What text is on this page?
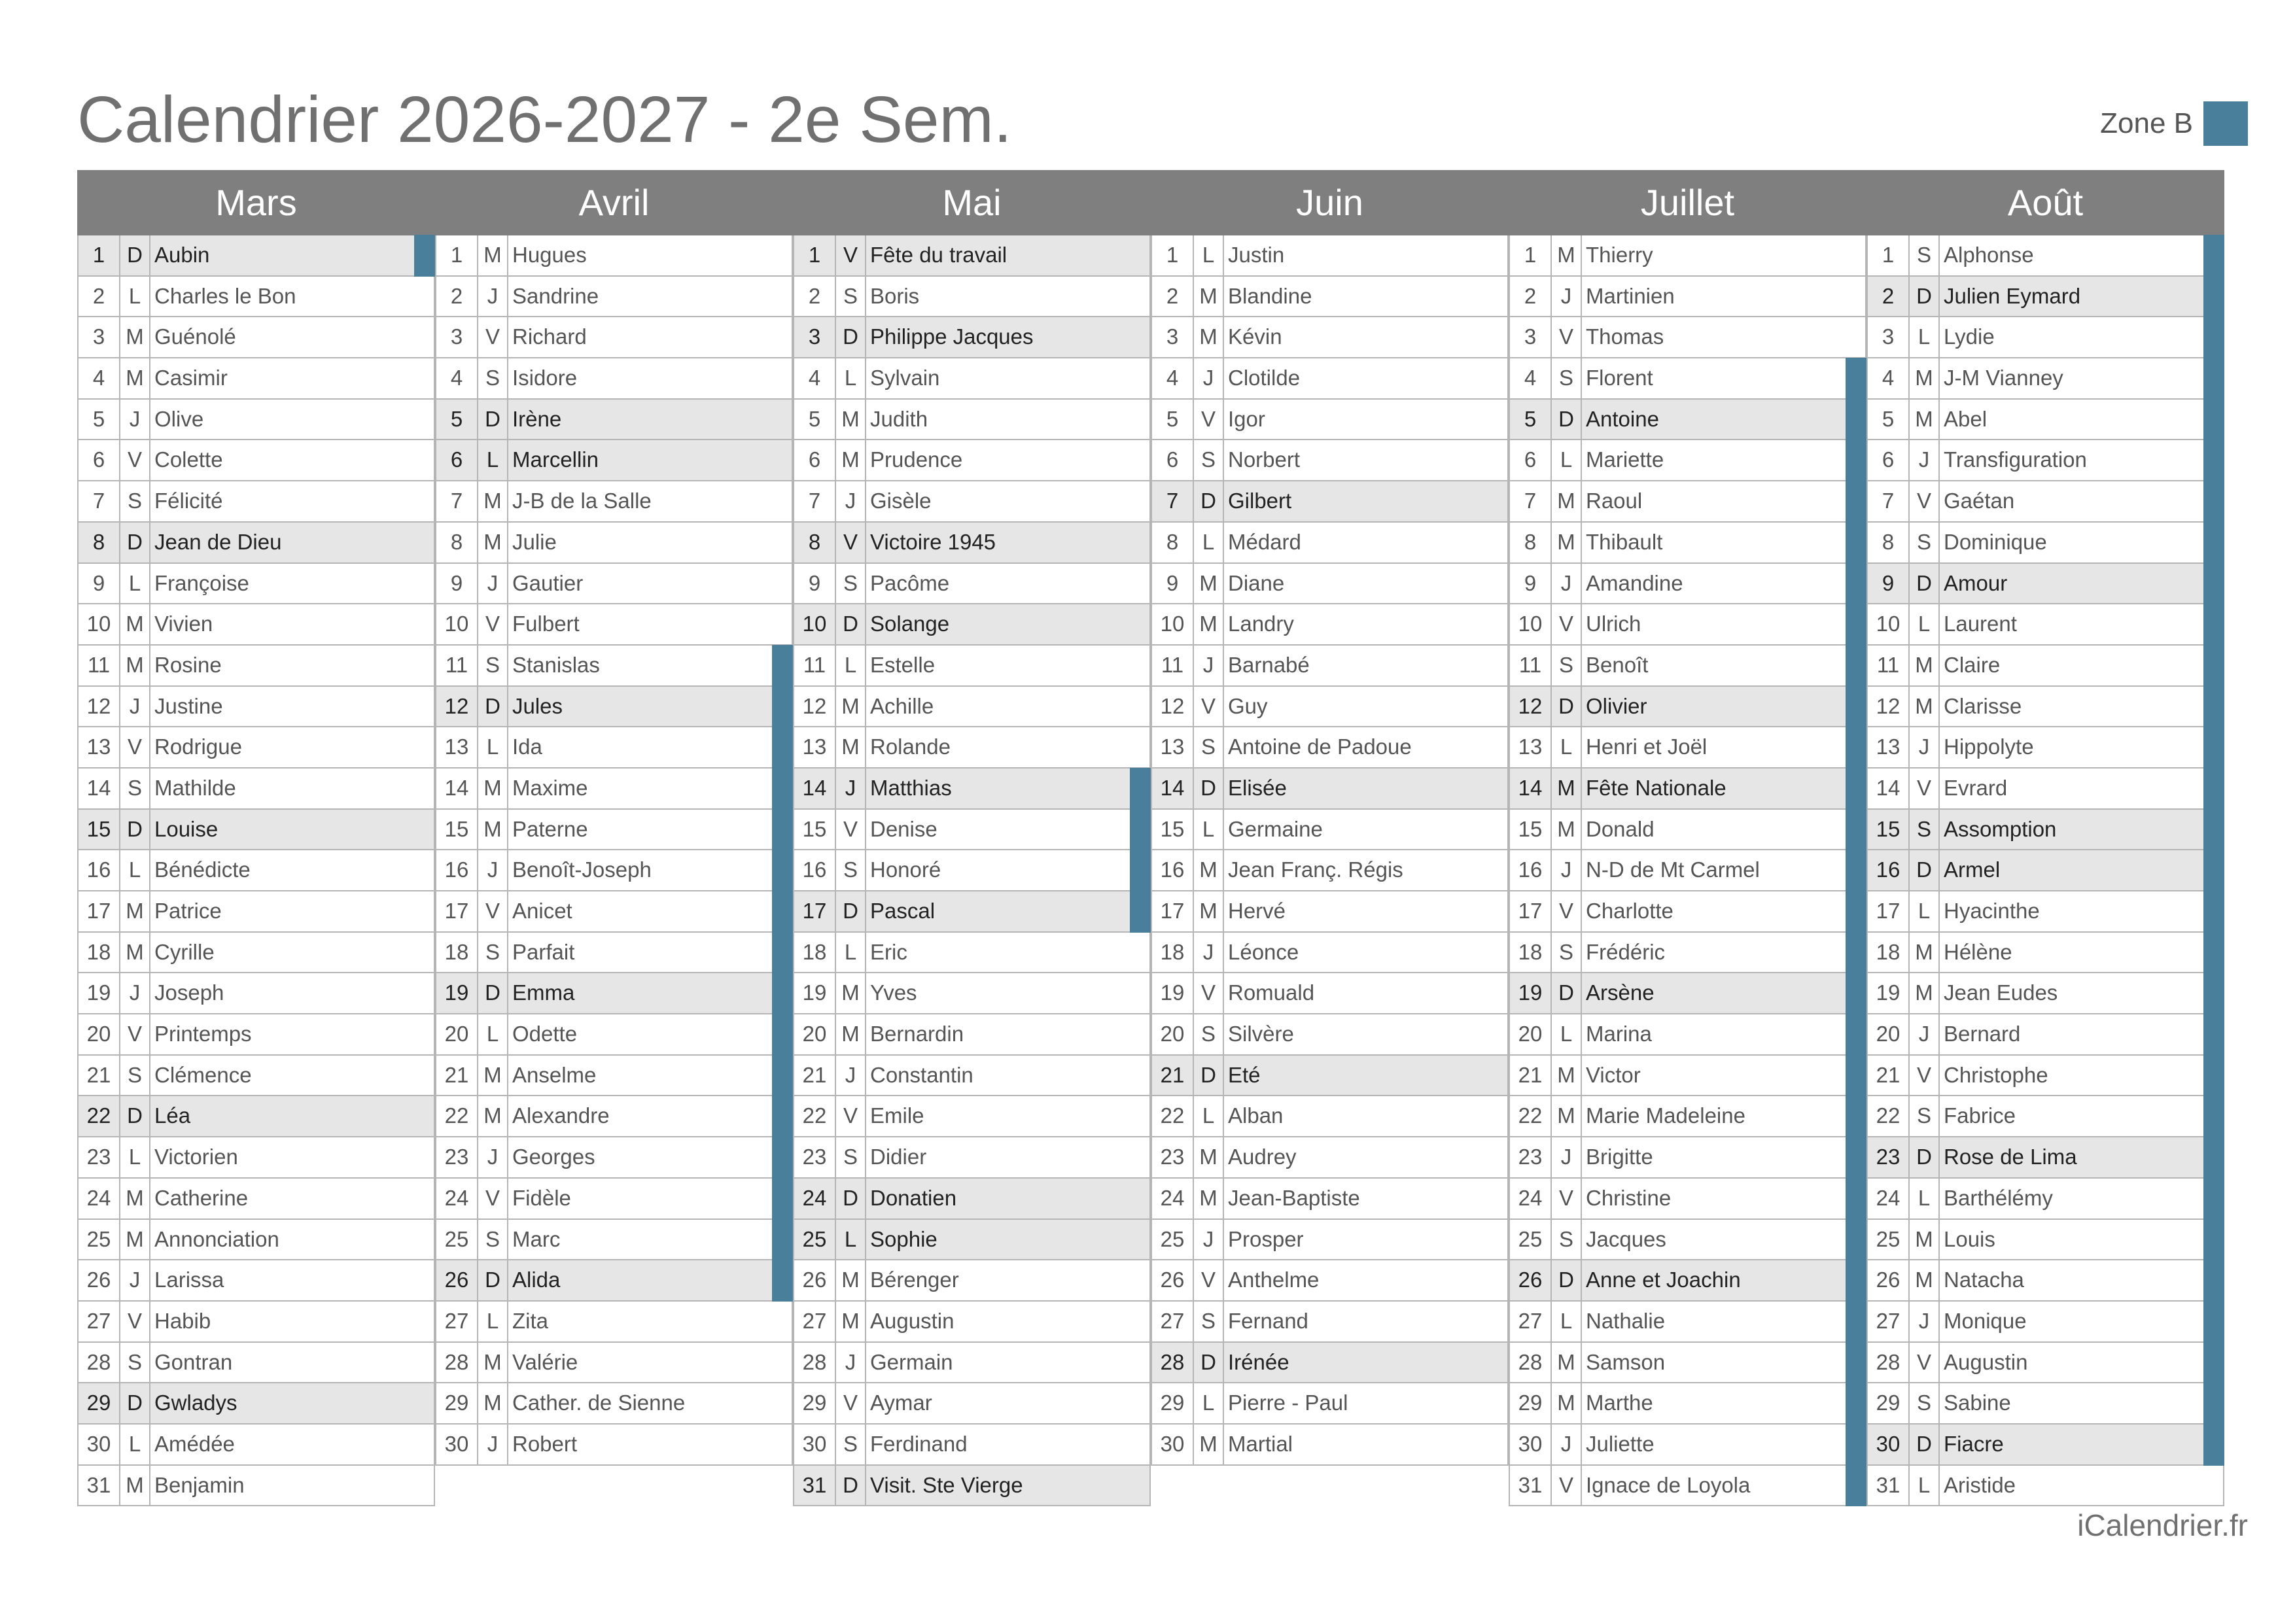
Calendrier 2026-2027 - 2e Sem.	Zone B
Mars	Avril	Mai	Juin	Juillet	Août
1	D Aubin
2	L Charles le Bon
3 M Guénolé
4 M Casimir
5	J Olive
6	V Colette
7	S Félicité
8	D Jean de Dieu
9	L Françoise
10 M Vivien
11 M Rosine
12 J Justine
13 V Rodrigue
14 S Mathilde
15 D Louise
16 L Bénédicte
17 M Patrice
18 M Cyrille
19 J Joseph
20 V Printemps
21 S Clémence
22 D Léa
23 L Victorien
24 M Catherine
25 M Annonciation
26 J Larissa
27 V Habib
28 S Gontran
29 D Gwladys
30 L Amédée
31 M Benjamin
1 M Hugues
2	J Sandrine
3	V Richard
4	S Isidore
5	D Irène
6	L Marcellin
7 M J-B de la Salle
8 M Julie
9	J Gautier
10 V Fulbert
11 S Stanislas
12 D Jules
13 L Ida
14 M Maxime
15 M Paterne
16 J Benoît-Joseph
17 V Anicet
18 S Parfait
19 D Emma
20 L Odette
21 M Anselme
22 M Alexandre
23 J Georges
24 V Fidèle
25 S Marc
26 D Alida
27 L Zita
28 M Valérie
29 M Cather. de Sienne
30 J Robert
1	V Fête du travail
2	S Boris
3	D Philippe Jacques
4	L Sylvain
5 M Judith
6 M Prudence
7	J Gisèle
8	V Victoire 1945
9	S Pacôme
10 D Solange
11 L Estelle
12 M Achille
13 M Rolande
14 J Matthias
15 V Denise
16 S Honoré
17 D Pascal
18 L Eric
19 M Yves
20 M Bernardin
21 J Constantin
22 V Emile
23 S Didier
24 D Donatien
25 L Sophie
26 M Bérenger
27 M Augustin
28 J Germain
29 V Aymar
30 S Ferdinand
31 D Visit. Ste Vierge
1	L Justin
2 M Blandine
3 M Kévin
4	J Clotilde
5	V Igor
6	S Norbert
7	D Gilbert
8	L Médard
9 M Diane
10 M Landry
11 J Barnabé
12 V Guy
13 S Antoine de Padoue
14 D Elisée
15 L Germaine
16 M Jean Franç. Régis
17 M Hervé
18 J Léonce
19 V Romuald
20 S Silvère
21 D Eté
22 L Alban
23 M Audrey
24 M Jean-Baptiste
25 J Prosper
26 V Anthelme
27 S Fernand
28 D Irénée
29 L Pierre - Paul
30 M Martial
1 M Thierry
2	J Martinien
3	V Thomas
4	S Florent
5	D Antoine
6	L Mariette
7 M Raoul
8 M Thibault
9	J Amandine
10 V Ulrich
11 S Benoît
12 D Olivier
13 L Henri et Joël
14 M Fête Nationale
15 M Donald
16 J N-D de Mt Carmel
17 V Charlotte
18 S Frédéric
19 D Arsène
20 L Marina
21 M Victor
22 M Marie Madeleine
23 J Brigitte
24 V Christine
25 S Jacques
26 D Anne et Joachin
27 L Nathalie
28 M Samson
29 M Marthe
30 J Juliette
31 V Ignace de Loyola
1	S Alphonse
2	D Julien Eymard
3	L Lydie
4 M J-M Vianney
5 M Abel
6	J Transfiguration
7	V Gaétan
8	S Dominique
9	D Amour
10 L Laurent
11 M Claire
12 M Clarisse
13 J Hippolyte
14 V Evrard
15 S Assomption
16 D Armel
17 L Hyacinthe
18 M Hélène
19 M Jean Eudes
20 J Bernard
21 V Christophe
22 S Fabrice
23 D Rose de Lima
24 L Barthélémy
25 M Louis
26 M Natacha
27 J Monique
28 V Augustin
29 S Sabine
30 D Fiacre
31 L Aristide
iCalendrier.fr
